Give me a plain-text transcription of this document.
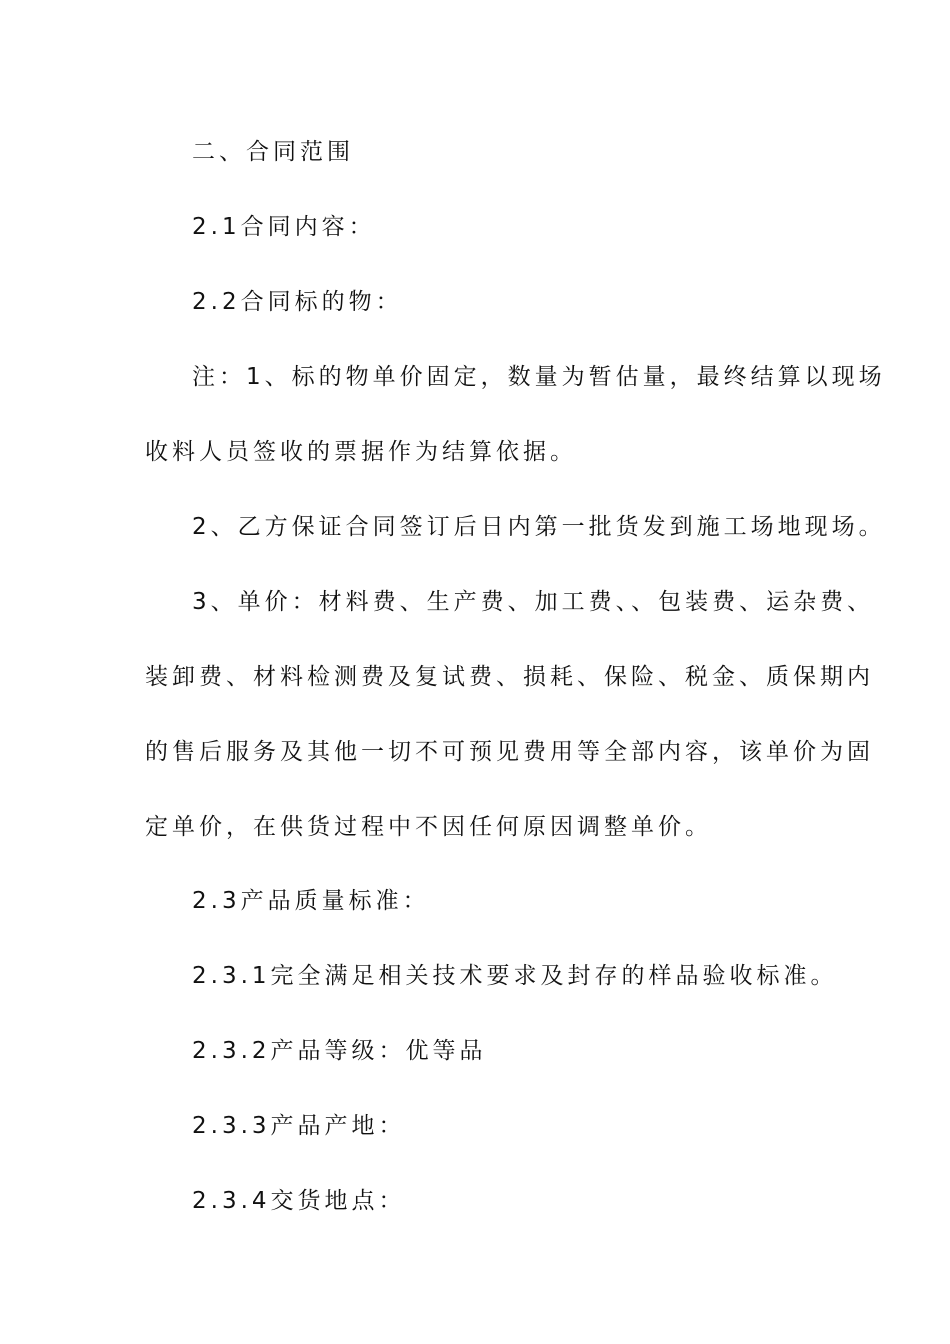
二、合同范围
2.1合同内容：
2.2合同标的物：
注：1、标的物单价固定，数量为暂估量，最终结算以现场
收料人员签收的票据作为结算依据。
2、乙方保证合同签订后日内第一批货发到施工场地现场。
3、单价：材料费、生产费、加工费、、包装费、运杂费、
装卸费、材料检测费及复试费、损耗、保险、税金、质保期内
的售后服务及其他一切不可预见费用等全部内容，该单价为固
定单价，在供货过程中不因任何原因调整单价。
2.3产品质量标准：
2.3.1完全满足相关技术要求及封存的样品验收标准。
2.3.2产品等级：优等品
2.3.3产品产地：
2.3.4交货地点：
